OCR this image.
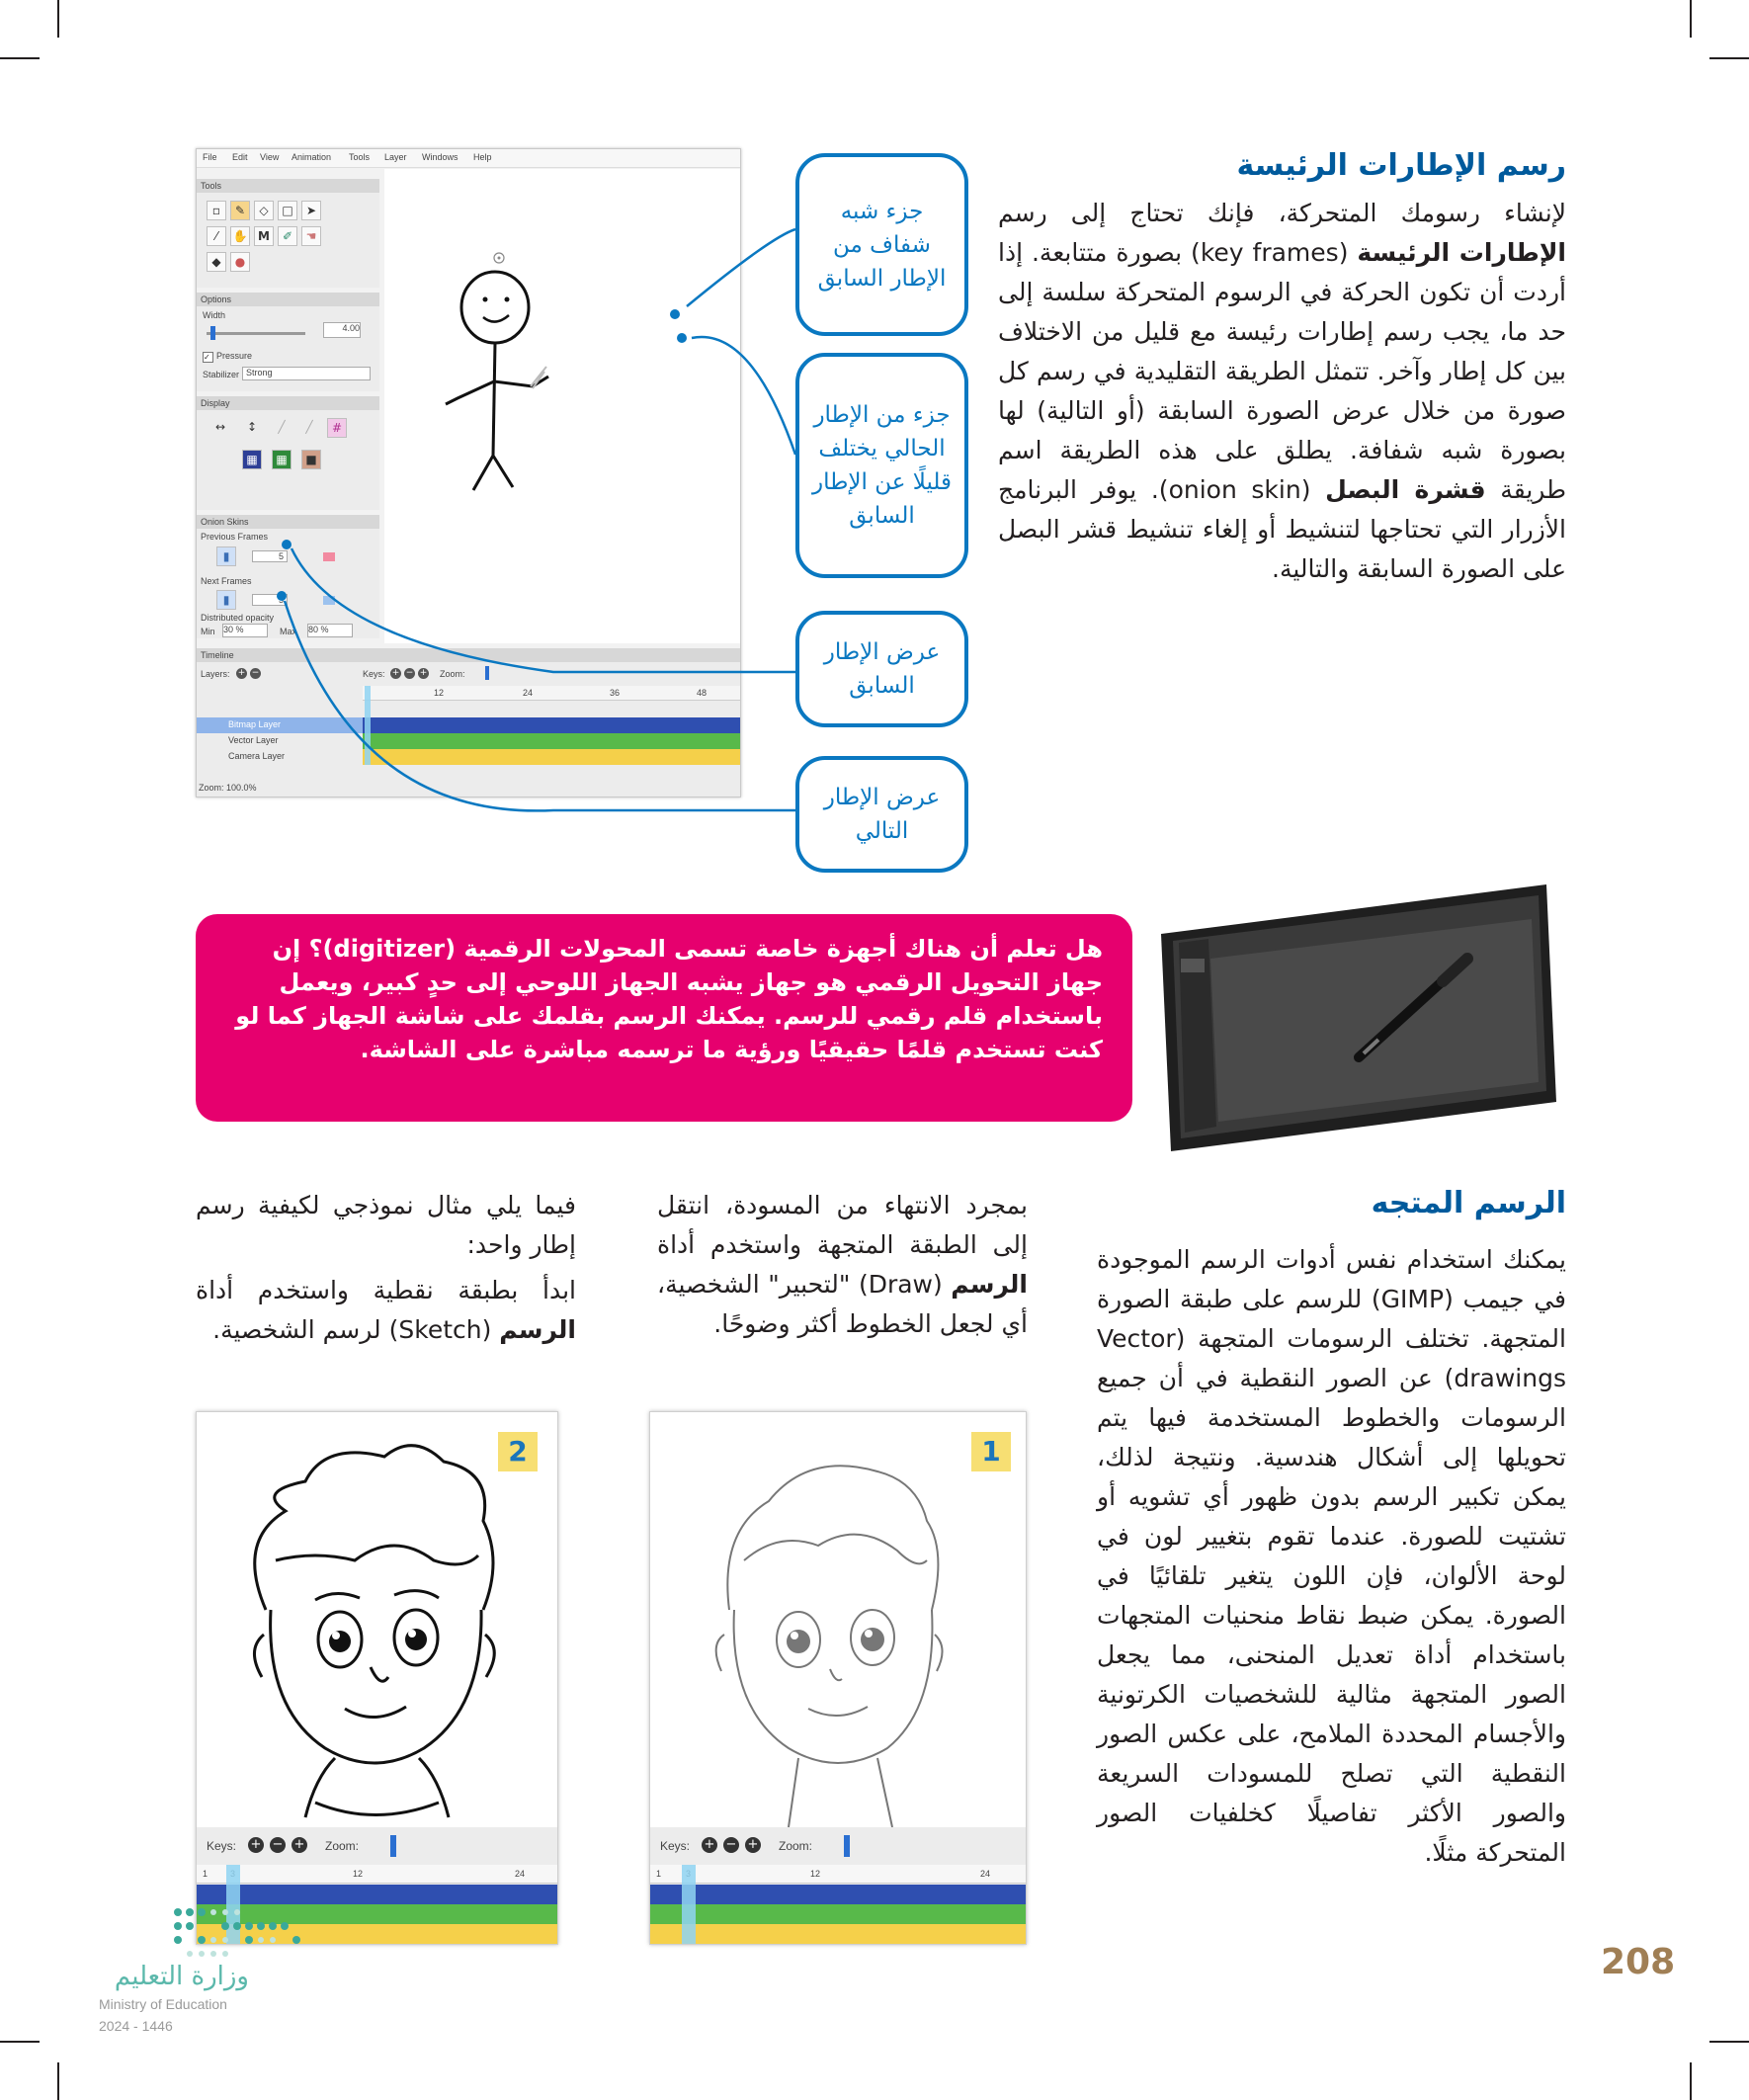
رسم الإطارات الرئيسة
لإنشاء رسومك المتحركة، فإنك تحتاج إلى رسم الإطارات الرئيسة (key frames) بصورة متتابعة. إذا أردت أن تكون الحركة في الرسوم المتحركة سلسة إلى حد ما، يجب رسم إطارات رئيسة مع قليل من الاختلاف بين كل إطار وآخر. تتمثل الطريقة التقليدية في رسم كل صورة من خلال عرض الصورة السابقة (أو التالية) لها بصورة شبه شفافة. يطلق على هذه الطريقة اسم طريقة قشرة البصل (onion skin). يوفر البرنامج الأزرار التي تحتاجها لتنشيط أو إلغاء تنشيط قشر البصل على الصورة السابقة والتالية.
File Edit View Animation Tools Layer Windows Help
Tools
▫	✎	◇	□	➤
⁄	✋ M	✐	☚
◆	●
Options
Width
4.00
✓ Pressure
Stabilizer Strong
Display
↔	↕	╱	╱	#
▦	▦	■
Onion Skins
Previous Frames
▮	5
Next Frames
▮
Distributed opacity
Min 30 %	Max 80 %
Timeline
Layers: + −	Keys: + − + Zoom:
12	24	36	48
Bitmap Layer
Vector Layer
Camera Layer
Zoom: 100.0%
جزء شبه شفاف من الإطار السابق
جزء من الإطار الحالي يختلف قليلًا عن الإطار السابق
عرض الإطار السابق
عرض الإطار التالي
هل تعلم أن هناك أجهزة خاصة تسمى المحولات الرقمية (digitizer)؟ إن جهاز التحويل الرقمي هو جهاز يشبه الجهاز اللوحي إلى حدٍ كبير، ويعمل باستخدام قلم رقمي للرسم. يمكنك الرسم بقلمك على شاشة الجهاز كما لو كنت تستخدم قلمًا حقيقيًا ورؤية ما ترسمه مباشرة على الشاشة.
الرسم المتجه
يمكنك استخدام نفس أدوات الرسم الموجودة في جيمب (GIMP) للرسم على طبقة الصورة المتجهة. تختلف الرسومات المتجهة (Vector drawings) عن الصور النقطية في أن جميع الرسومات والخطوط المستخدمة فيها يتم تحويلها إلى أشكال هندسية. ونتيجة لذلك، يمكن تكبير الرسم بدون ظهور أي تشويه أو تشتيت للصورة. عندما تقوم بتغيير لون في لوحة الألوان، فإن اللون يتغير تلقائيًا في الصورة. يمكن ضبط نقاط منحنيات المتجهات باستخدام أداة تعديل المنحنى، مما يجعل الصور المتجهة مثالية للشخصيات الكرتونية والأجسام المحددة الملامح، على عكس الصور النقطية التي تصلح للمسودات السريعة والصور الأكثر تفاصيلًا كخلفيات الصور المتحركة مثلًا.
بمجرد الانتهاء من المسودة، انتقل إلى الطبقة المتجهة واستخدم أداة الرسم (Draw) "لتحبير" الشخصية، أي لجعل الخطوط أكثر وضوحًا.
فيما يلي مثال نموذجي لكيفية رسم إطار واحد:
ابدأ بطبقة نقطية واستخدم أداة الرسم (Sketch) لرسم الشخصية.
1
Keys: + − + Zoom:
1	12	24
2
Keys: + − + Zoom:
1	12	24
208
وزارة التعليم
Ministry of Education
2024 - 1446
